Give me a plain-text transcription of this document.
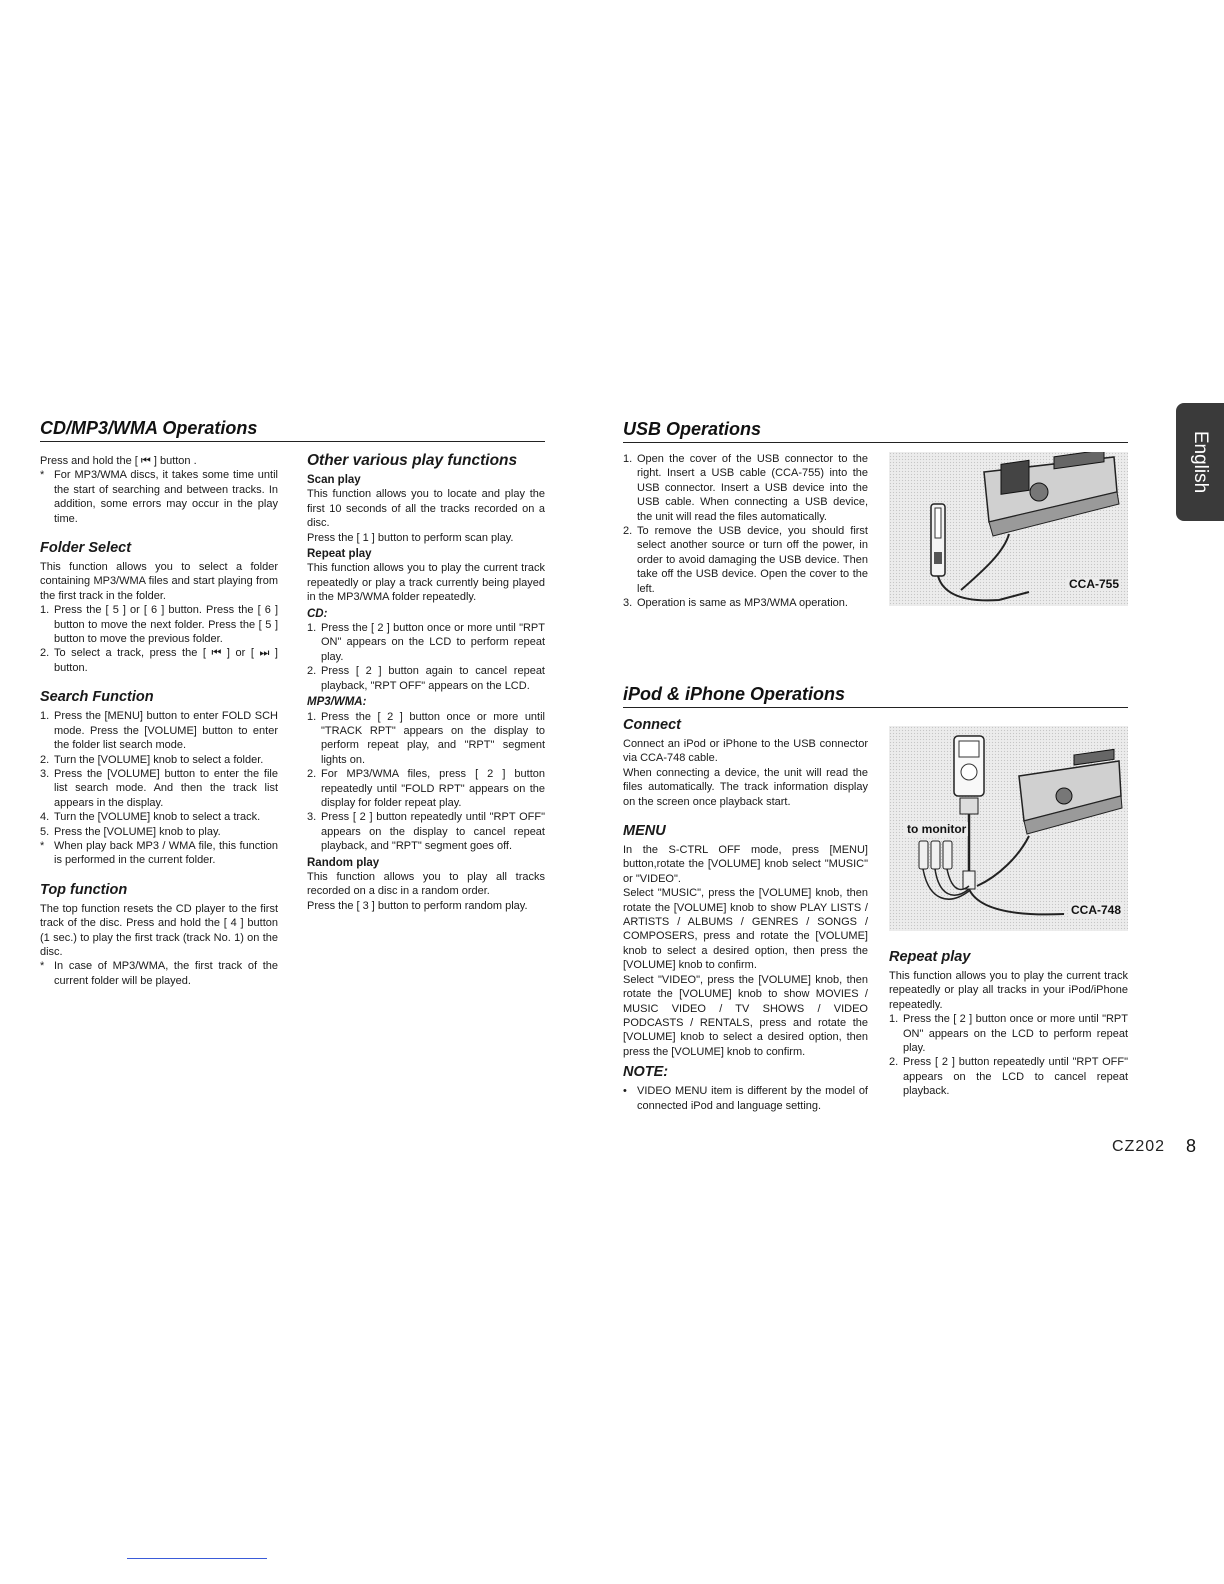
CD/MP3/WMA Operations

Press and hold the [ ⏮ ] button .

* For MP3/WMA discs, it takes some time until the start of searching and between tracks. In addition, some errors may occur in the play time.
Folder Select

This function allows you to select a folder containing MP3/WMA files and start playing from the first track in the folder.

1. Press the [ 5 ] or [ 6 ] button. Press the [ 6 ] button to move the next folder. Press the [ 5 ] button to move the previous folder.
2. To select a track, press the [ ⏮ ] or [ ⏭ ] button.
Search Function
1. Press the [MENU] button to enter FOLD SCH mode. Press the [VOLUME] button to enter the folder list search mode.
2. Turn the [VOLUME] knob to select a folder.
3. Press the [VOLUME] button to enter the file list search mode. And then the track list appears in the display.
4. Turn the [VOLUME] knob to select a track.
5. Press the [VOLUME] knob to play.
* When play back MP3 / WMA file, this function is performed in the current folder.
Top function

The top function resets the CD player to the first track of the disc. Press and hold the [ 4 ] button (1 sec.) to play the first track (track No. 1) on the disc.

* In case of MP3/WMA, the first track of the current folder will be played.
Other various play functions
Scan play

This function allows you to locate and play the first 10 seconds of all the tracks recorded on a disc.

Press the [ 1 ] button to perform scan play.

Repeat play

This function allows you to play the current track repeatedly or play a track currently being played in the MP3/WMA folder repeatedly.

CD:
1. Press the [ 2 ] button once or more until "RPT ON" appears on the LCD to perform repeat play.
2. Press [ 2 ] button again to cancel repeat playback, "RPT OFF" appears on the LCD.
MP3/WMA:
1. Press the [ 2 ] button once or more until "TRACK RPT" appears on the display to perform repeat play, and "RPT" segment lights on.
2. For MP3/WMA files, press [ 2 ] button repeatedly until "FOLD RPT" appears on the display for folder repeat play.
3. Press [ 2 ] button repeatedly until "RPT OFF" appears on the display to cancel repeat playback, and "RPT" segment goes off.
Random play

This function allows you to play all tracks recorded on a disc in a random order.

Press the [ 3 ] button to perform random play.

USB Operations
1. Open the cover of the USB connector to the right. Insert a USB cable (CCA-755) into the USB connector. Insert a USB device into the USB cable. When connecting a USB device, the unit will read the files automatically.
2. To remove the USB device, you should first select another source or turn off the power, in order to avoid damaging the USB device. Then take off the USB device. Open the cover to the left.
3. Operation is same as MP3/WMA operation.
CCA-755
iPod & iPhone Operations
Connect

Connect an iPod or iPhone to the USB connector via CCA-748 cable.

When connecting a device, the unit will read the files automatically. The track information display on the screen once playback start.

MENU

In the S-CTRL OFF mode, press [MENU] button,rotate the [VOLUME] knob select "MUSIC" or "VIDEO".

Select "MUSIC", press the [VOLUME] knob, then rotate the [VOLUME] knob to show PLAY LISTS / ARTISTS / ALBUMS / GENRES / SONGS / COMPOSERS, press and rotate the [VOLUME] knob to select a desired option, then press the [VOLUME] knob to confirm.

Select "VIDEO", press the [VOLUME] knob, then rotate the [VOLUME] knob to show MOVIES / MUSIC VIDEO / TV SHOWS / VIDEO PODCASTS / RENTALS, press and rotate the [VOLUME] knob to select a desired option, then press the [VOLUME] knob to confirm.

NOTE:
• VIDEO MENU item is different by the model of connected iPod and language setting.
to monitor
CCA-748
Repeat play

This function allows you to play the current track repeatedly or play all tracks in your iPod/iPhone repeatedly.

1. Press the [ 2 ] button once or more until "RPT ON" appears on the LCD to perform repeat play.
2. Press [ 2 ] button repeatedly until "RPT OFF" appears on the LCD to cancel repeat playback.
English
CZ202 8
